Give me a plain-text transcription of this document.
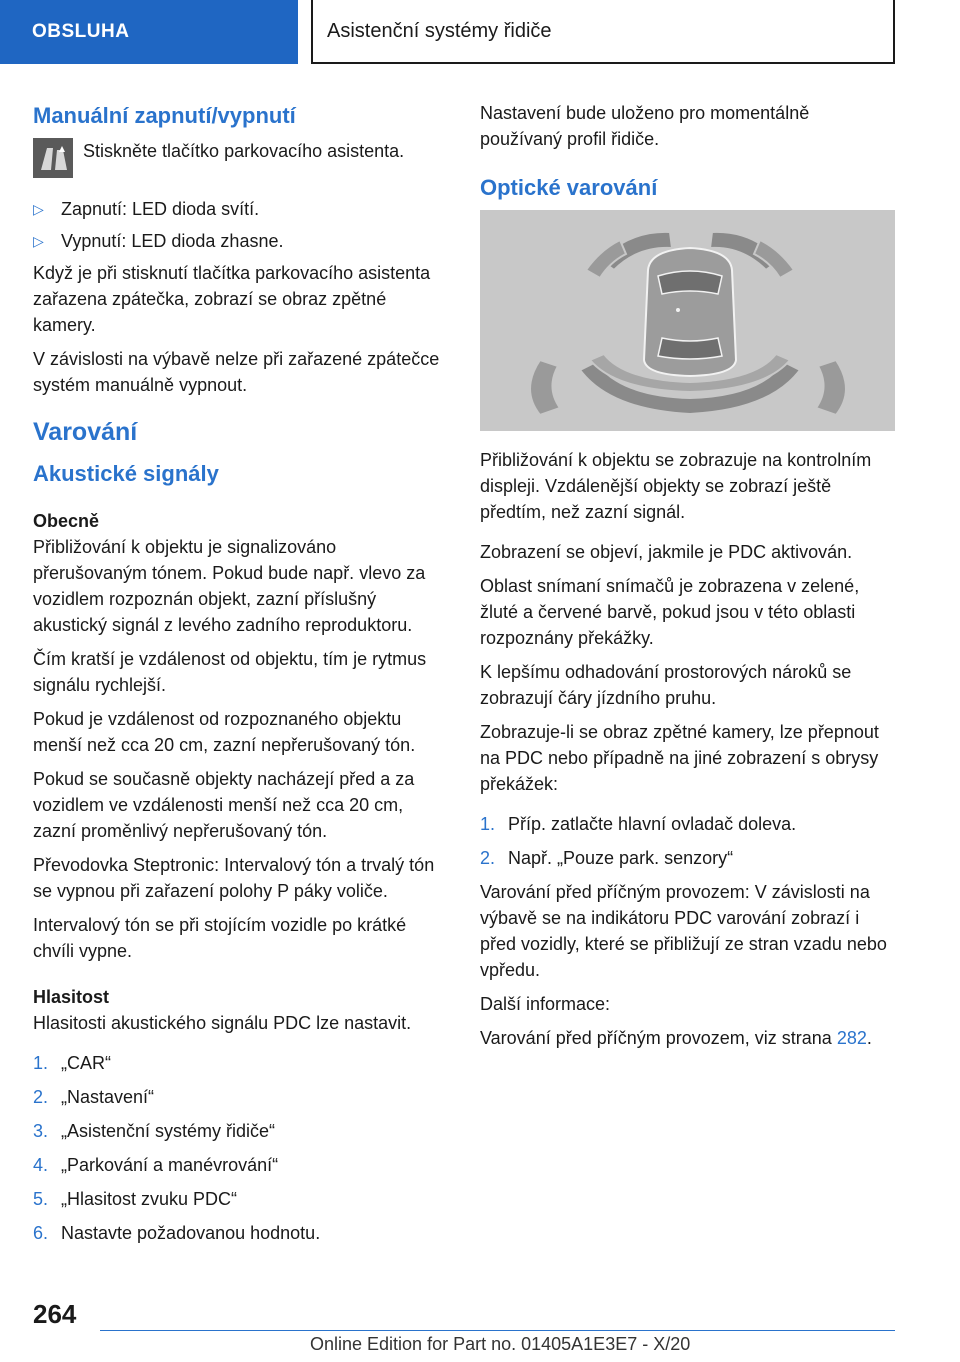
OBSLUHA	Asistenční systémy řidiče
Manuální zapnutí/vypnutí
Stiskněte tlačítko parkovacího asistenta.
▷ Zapnutí: LED dioda svítí.
▷ Vypnutí: LED dioda zhasne.

Když je při stisknutí tlačítka parkovacího asistenta zařazena zpátečka, zobrazí se obraz zpětné kamery.

V závislosti na výbavě nelze při zařazené zpátečce systém manuálně vypnout.

Varování
Akustické signály
Obecně

Přibližování k objektu je signalizováno přerušovaným tónem. Pokud bude např. vlevo za vozidlem rozpoznán objekt, zazní příslušný akustický signál z levého zadního reproduktoru.

Čím kratší je vzdálenost od objektu, tím je rytmus signálu rychlejší.

Pokud je vzdálenost od rozpoznaného objektu menší než cca 20 cm, zazní nepřerušovaný tón.

Pokud se současně objekty nacházejí před a za vozidlem ve vzdálenosti menší než cca 20 cm, zazní proměnlivý nepřerušovaný tón.

Převodovka Steptronic: Intervalový tón a trvalý tón se vypnou při zařazení polohy P páky voliče.

Intervalový tón se při stojícím vozidle po krátké chvíli vypne.

Hlasitost

Hlasitosti akustického signálu PDC lze nastavit.

1. „CAR“
2. „Nastavení“
3. „Asistenční systémy řidiče“
4. „Parkování a manévrování“
5. „Hlasitost zvuku PDC“
6. Nastavte požadovanou hodnotu.

Nastavení bude uloženo pro momentálně používaný profil řidiče.

Optické varování

Přibližování k objektu se zobrazuje na kontrolním displeji. Vzdálenější objekty se zobrazí ještě předtím, než zazní signál.

Zobrazení se objeví, jakmile je PDC aktivován.

Oblast snímaní snímačů je zobrazena v zelené, žluté a červené barvě, pokud jsou v této oblasti rozpoznány překážky.

K lepšímu odhadování prostorových nároků se zobrazují čáry jízdního pruhu.

Zobrazuje-li se obraz zpětné kamery, lze přepnout na PDC nebo případně na jiné zobrazení s obrysy překážek:

1. Příp. zatlačte hlavní ovladač doleva.
2. Např. „Pouze park. senzory“

Varování před příčným provozem: V závislosti na výbavě se na indikátoru PDC varování zobrazí i před vozidly, které se přibližují ze stran vzadu nebo vpředu.

Další informace:

Varování před příčným provozem, viz strana 282.

264
Online Edition for Part no. 01405A1E3E7 - X/20
